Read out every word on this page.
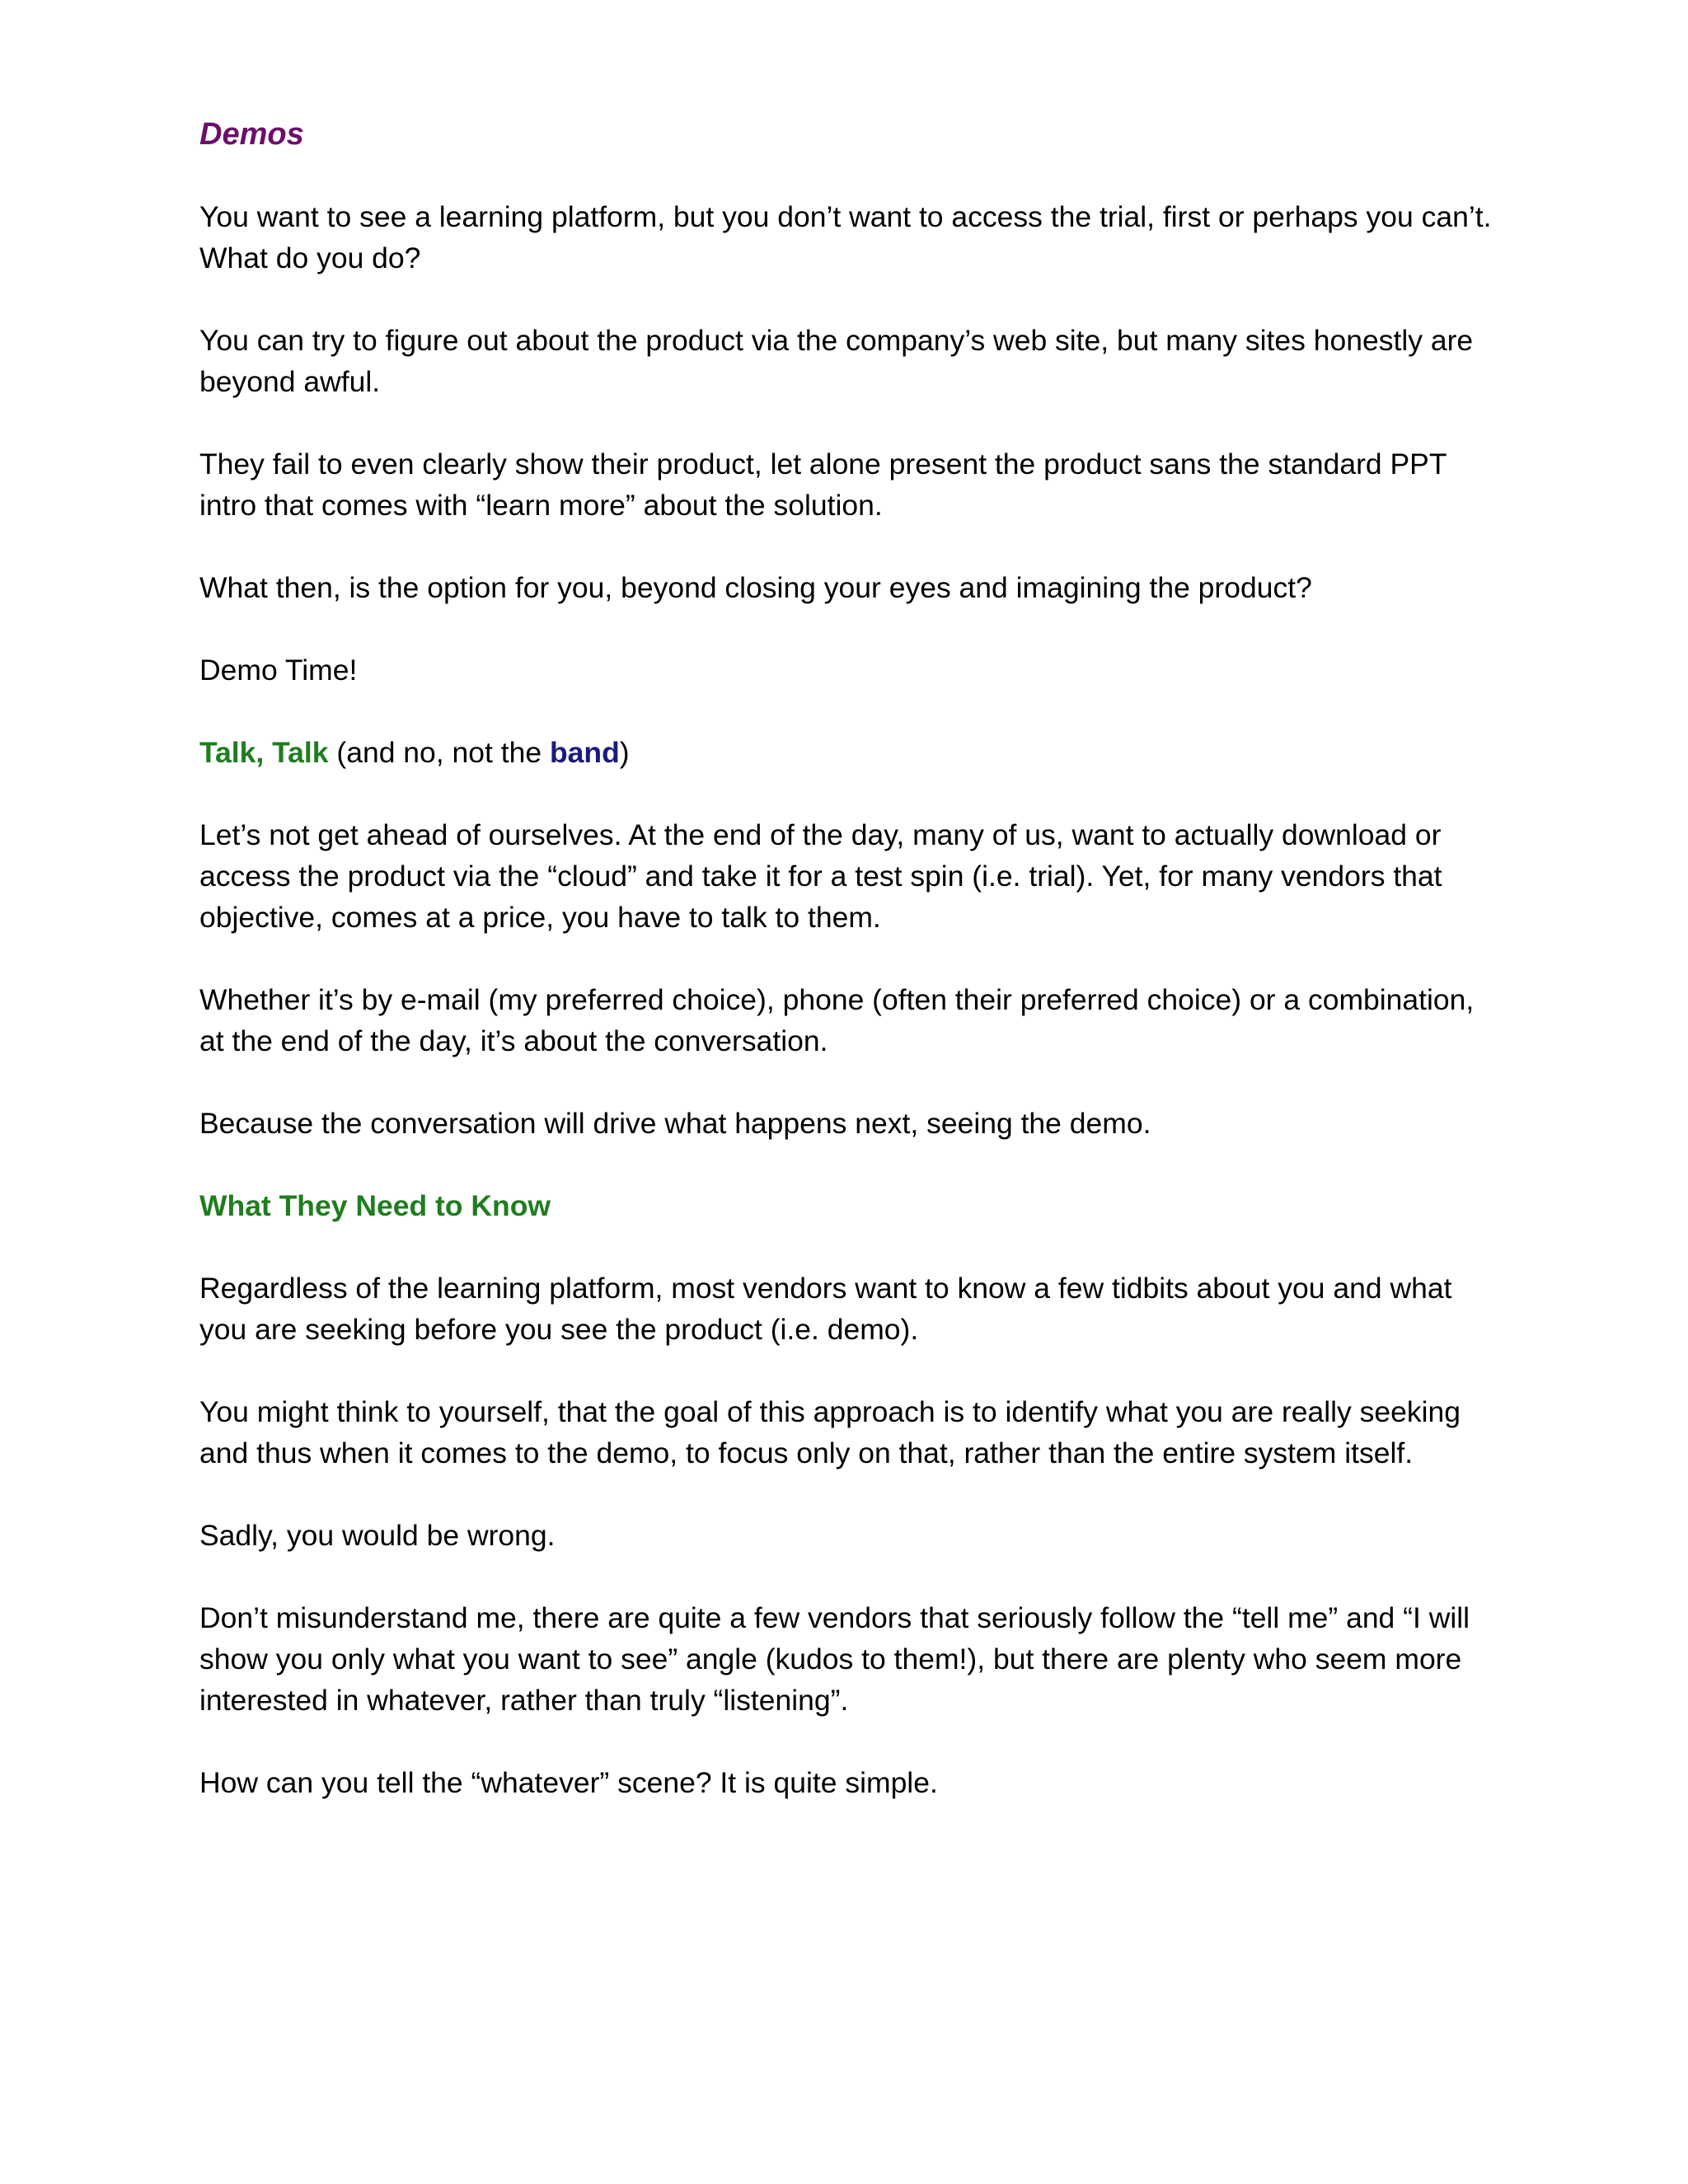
Demos

You want to see a learning platform, but you don’t want to access the trial, first or perhaps you can’t. What do you do?

You can try to figure out about the product via the company’s web site, but many sites honestly are beyond awful.

They fail to even clearly show their product, let alone present the product sans the standard PPT intro that comes with “learn more” about the solution.

What then, is the option for you, beyond closing your eyes and imagining the product?

Demo Time!

Talk, Talk (and no, not the band)

Let’s not get ahead of ourselves. At the end of the day, many of us, want to actually download or access the product via the “cloud” and take it for a test spin (i.e. trial). Yet, for many vendors that objective, comes at a price, you have to talk to them.

Whether it’s by e-mail (my preferred choice), phone (often their preferred choice) or a combination, at the end of the day, it’s about the conversation.

Because the conversation will drive what happens next, seeing the demo.

What They Need to Know

Regardless of the learning platform, most vendors want to know a few tidbits about you and what you are seeking before you see the product (i.e. demo).

You might think to yourself, that the goal of this approach is to identify what you are really seeking and thus when it comes to the demo, to focus only on that, rather than the entire system itself.

Sadly, you would be wrong.

Don’t misunderstand me, there are quite a few vendors that seriously follow the “tell me” and “I will show you only what you want to see” angle (kudos to them!), but there are plenty who seem more interested in whatever, rather than truly “listening”.

How can you tell the “whatever” scene? It is quite simple.
